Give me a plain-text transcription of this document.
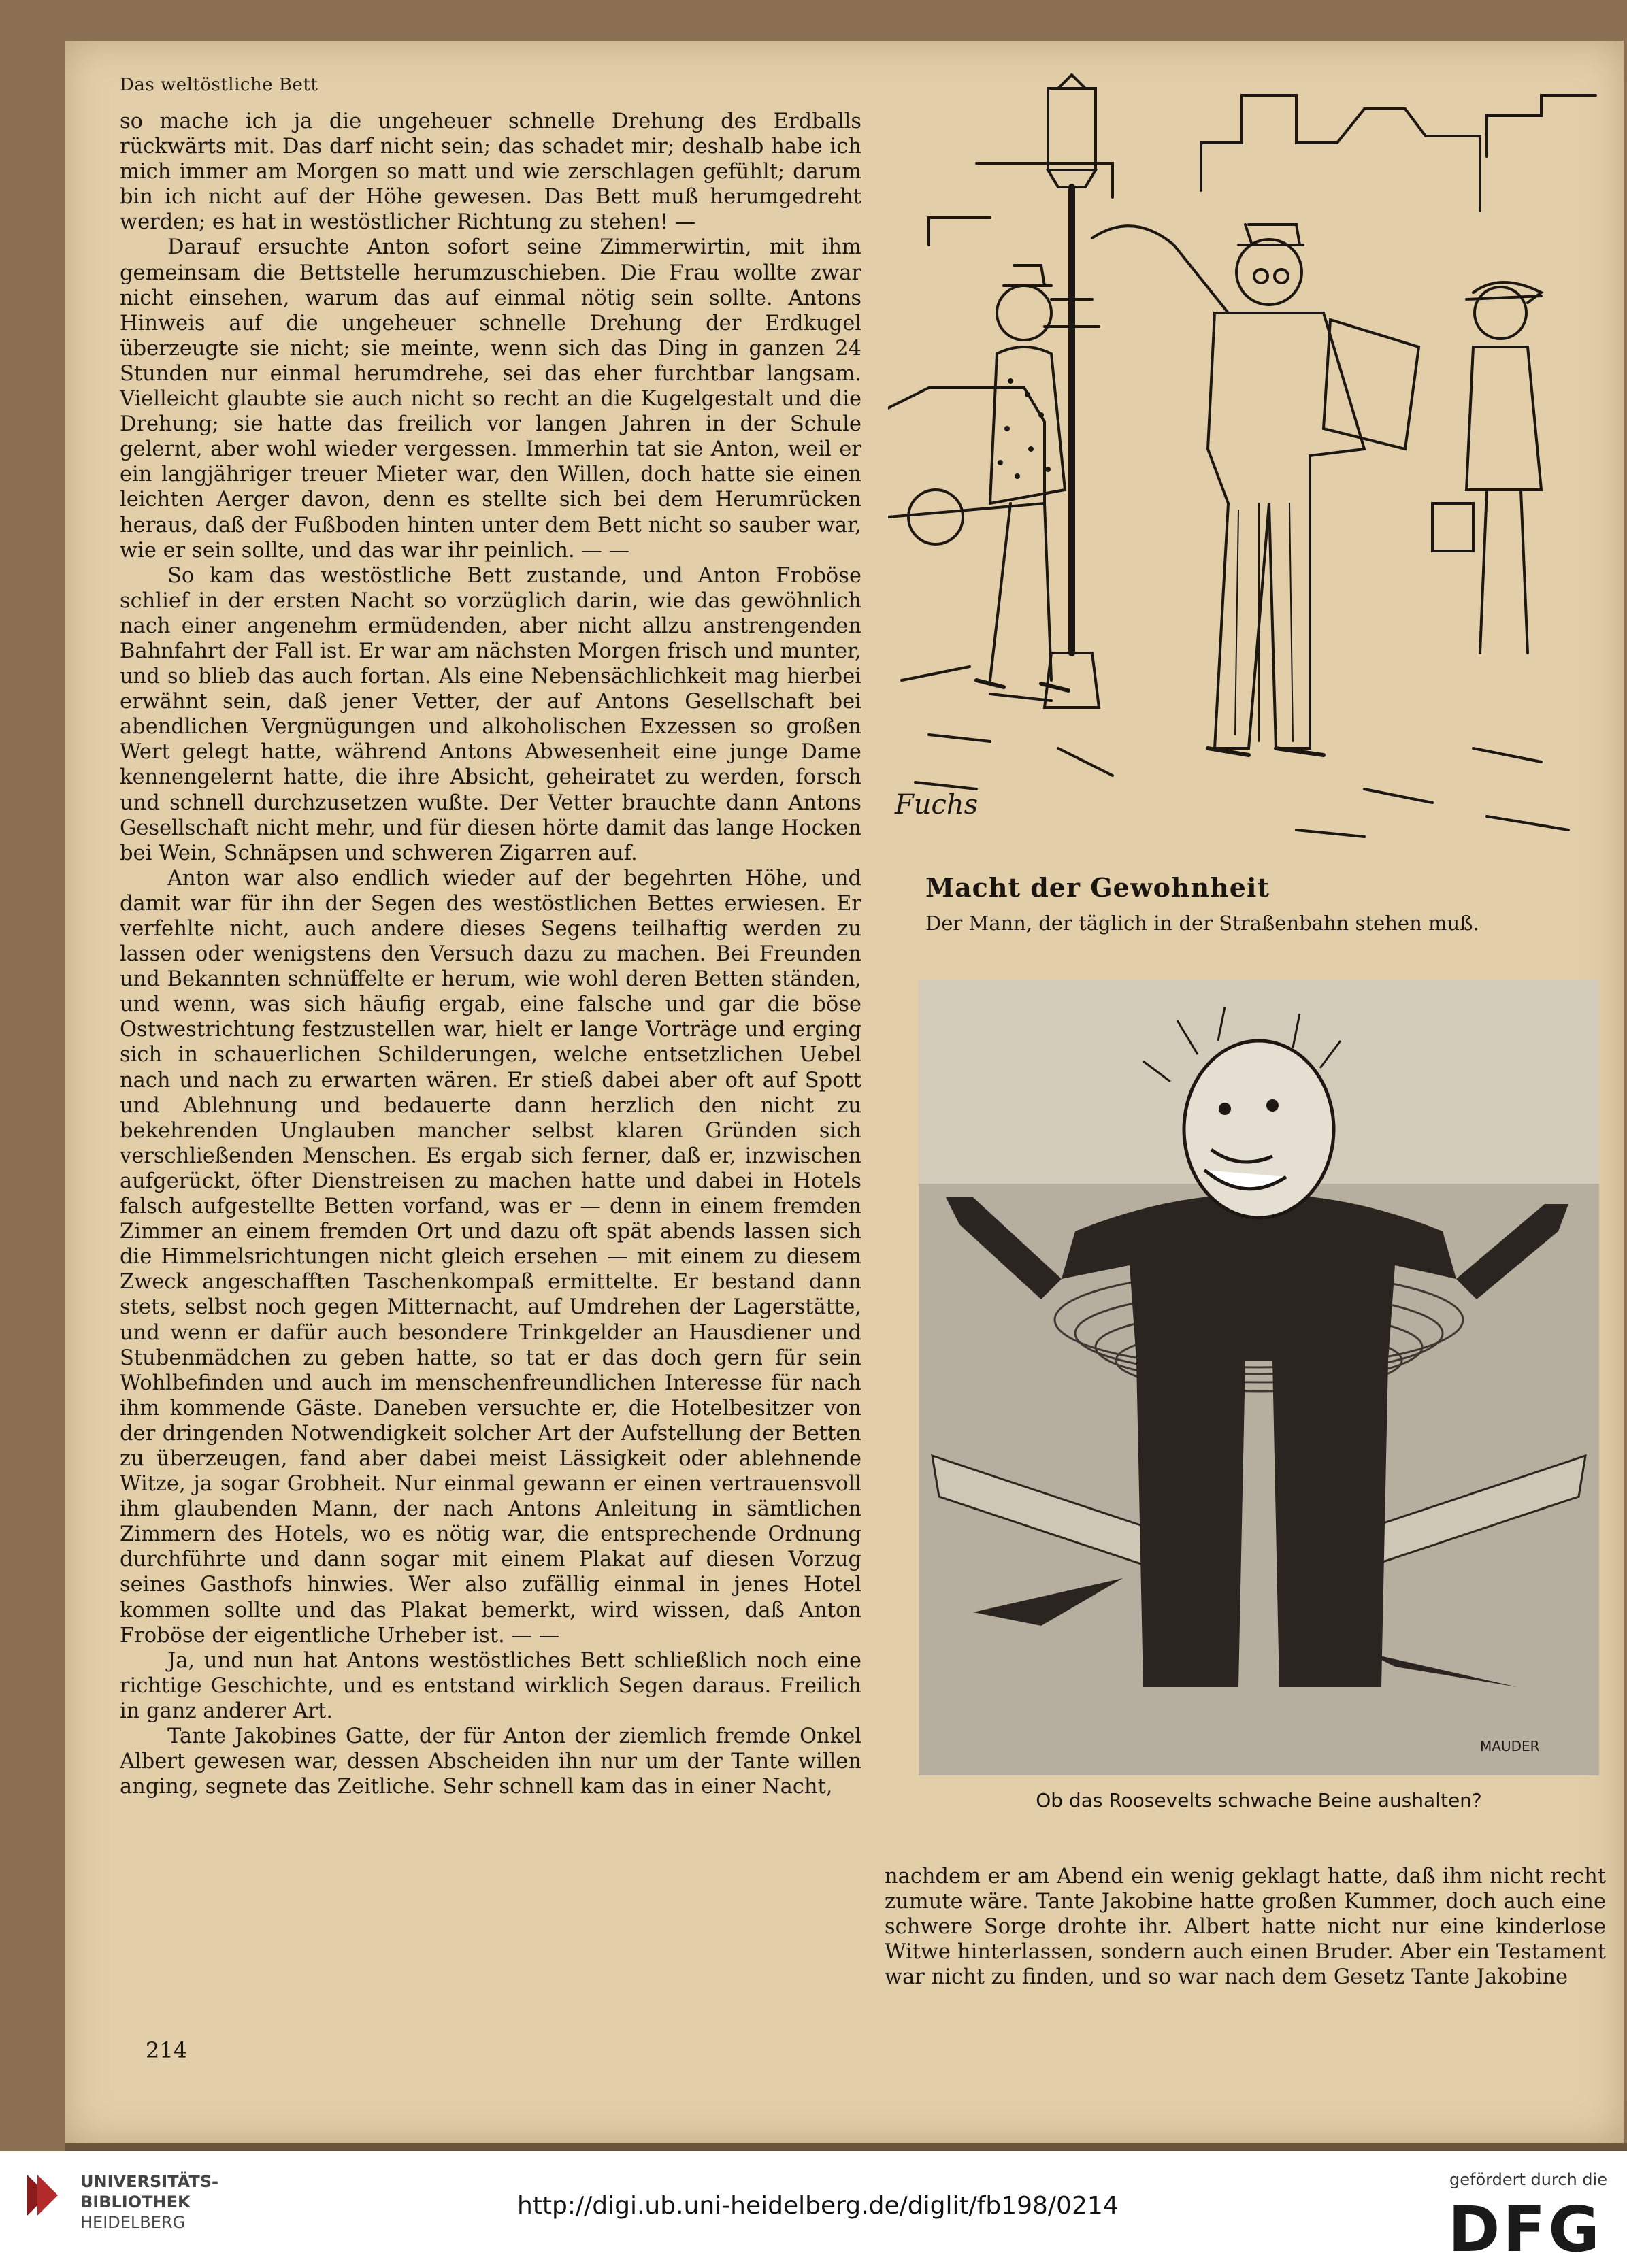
Das weltöstliche Bett

so mache ich ja die ungeheuer schnelle Drehung des Erdballs rückwärts mit. Das darf nicht sein; das schadet mir; deshalb habe ich mich immer am Morgen so matt und wie zerschlagen gefühlt; darum bin ich nicht auf der Höhe gewesen. Das Bett muß herumgedreht werden; es hat in westöstlicher Richtung zu stehen! —

Darauf ersuchte Anton sofort seine Zimmerwirtin, mit ihm gemeinsam die Bettstelle herumzuschieben. Die Frau wollte zwar nicht einsehen, warum das auf einmal nötig sein sollte. Antons Hinweis auf die ungeheuer schnelle Drehung der Erdkugel überzeugte sie nicht; sie meinte, wenn sich das Ding in ganzen 24 Stunden nur einmal herumdrehe, sei das eher furchtbar langsam. Vielleicht glaubte sie auch nicht so recht an die Kugelgestalt und die Drehung; sie hatte das freilich vor langen Jahren in der Schule gelernt, aber wohl wieder vergessen. Immerhin tat sie Anton, weil er ein langjähriger treuer Mieter war, den Willen, doch hatte sie einen leichten Aerger davon, denn es stellte sich bei dem Herumrücken heraus, daß der Fußboden hinten unter dem Bett nicht so sauber war, wie er sein sollte, und das war ihr peinlich. — —

So kam das westöstliche Bett zustande, und Anton Froböse schlief in der ersten Nacht so vorzüglich darin, wie das gewöhnlich nach einer angenehm ermüdenden, aber nicht allzu anstrengenden Bahnfahrt der Fall ist. Er war am nächsten Morgen frisch und munter, und so blieb das auch fortan. Als eine Nebensächlichkeit mag hierbei erwähnt sein, daß jener Vetter, der auf Antons Gesellschaft bei abendlichen Vergnügungen und alkoholischen Exzessen so großen Wert gelegt hatte, während Antons Abwesenheit eine junge Dame kennengelernt hatte, die ihre Absicht, geheiratet zu werden, forsch und schnell durchzusetzen wußte. Der Vetter brauchte dann Antons Gesellschaft nicht mehr, und für diesen hörte damit das lange Hocken bei Wein, Schnäpsen und schweren Zigarren auf.

Anton war also endlich wieder auf der begehrten Höhe, und damit war für ihn der Segen des westöstlichen Bettes erwiesen. Er verfehlte nicht, auch andere dieses Segens teilhaftig werden zu lassen oder wenigstens den Versuch dazu zu machen. Bei Freunden und Bekannten schnüffelte er herum, wie wohl deren Betten ständen, und wenn, was sich häufig ergab, eine falsche und gar die böse Ostwestrichtung festzustellen war, hielt er lange Vorträge und erging sich in schauerlichen Schilderungen, welche entsetzlichen Uebel nach und nach zu erwarten wären. Er stieß dabei aber oft auf Spott und Ablehnung und bedauerte dann herzlich den nicht zu bekehrenden Unglauben mancher selbst klaren Gründen sich verschließenden Menschen. Es ergab sich ferner, daß er, inzwischen aufgerückt, öfter Dienstreisen zu machen hatte und dabei in Hotels falsch aufgestellte Betten vorfand, was er — denn in einem fremden Zimmer an einem fremden Ort und dazu oft spät abends lassen sich die Himmelsrichtungen nicht gleich ersehen — mit einem zu diesem Zweck angeschafften Taschenkompaß ermittelte. Er bestand dann stets, selbst noch gegen Mitternacht, auf Umdrehen der Lagerstätte, und wenn er dafür auch besondere Trinkgelder an Hausdiener und Stubenmädchen zu geben hatte, so tat er das doch gern für sein Wohlbefinden und auch im menschenfreundlichen Interesse für nach ihm kommende Gäste. Daneben versuchte er, die Hotelbesitzer von der dringenden Notwendigkeit solcher Art der Aufstellung der Betten zu überzeugen, fand aber dabei meist Lässigkeit oder ablehnende Witze, ja sogar Grobheit. Nur einmal gewann er einen vertrauensvoll ihm glaubenden Mann, der nach Antons Anleitung in sämtlichen Zimmern des Hotels, wo es nötig war, die entsprechende Ordnung durchführte und dann sogar mit einem Plakat auf diesen Vorzug seines Gasthofs hinwies. Wer also zufällig einmal in jenes Hotel kommen sollte und das Plakat bemerkt, wird wissen, daß Anton Froböse der eigentliche Urheber ist. — —

Ja, und nun hat Antons westöstliches Bett schließlich noch eine richtige Geschichte, und es entstand wirklich Segen daraus. Freilich in ganz anderer Art.

Tante Jakobines Gatte, der für Anton der ziemlich fremde Onkel Albert gewesen war, dessen Abscheiden ihn nur um der Tante willen anging, segnete das Zeitliche. Sehr schnell kam das in einer Nacht,

nachdem er am Abend ein wenig geklagt hatte, daß ihm nicht recht zumute wäre. Tante Jakobine hatte großen Kummer, doch auch eine schwere Sorge drohte ihr. Albert hatte nicht nur eine kinderlose Witwe hinterlassen, sondern auch einen Bruder. Aber ein Testament war nicht zu finden, und so war nach dem Gesetz Tante Jakobine

214
Fuchs
Macht der Gewohnheit
Der Mann, der täglich in der Straßenbahn stehen muß.
MAUDER
Ob das Roosevelts schwache Beine aushalten?
UNIVERSITÄTS-
BIBLIOTHEK
HEIDELBERG
http://digi.ub.uni-heidelberg.de/diglit/fb198/0214
gefördert durch die
DFG
